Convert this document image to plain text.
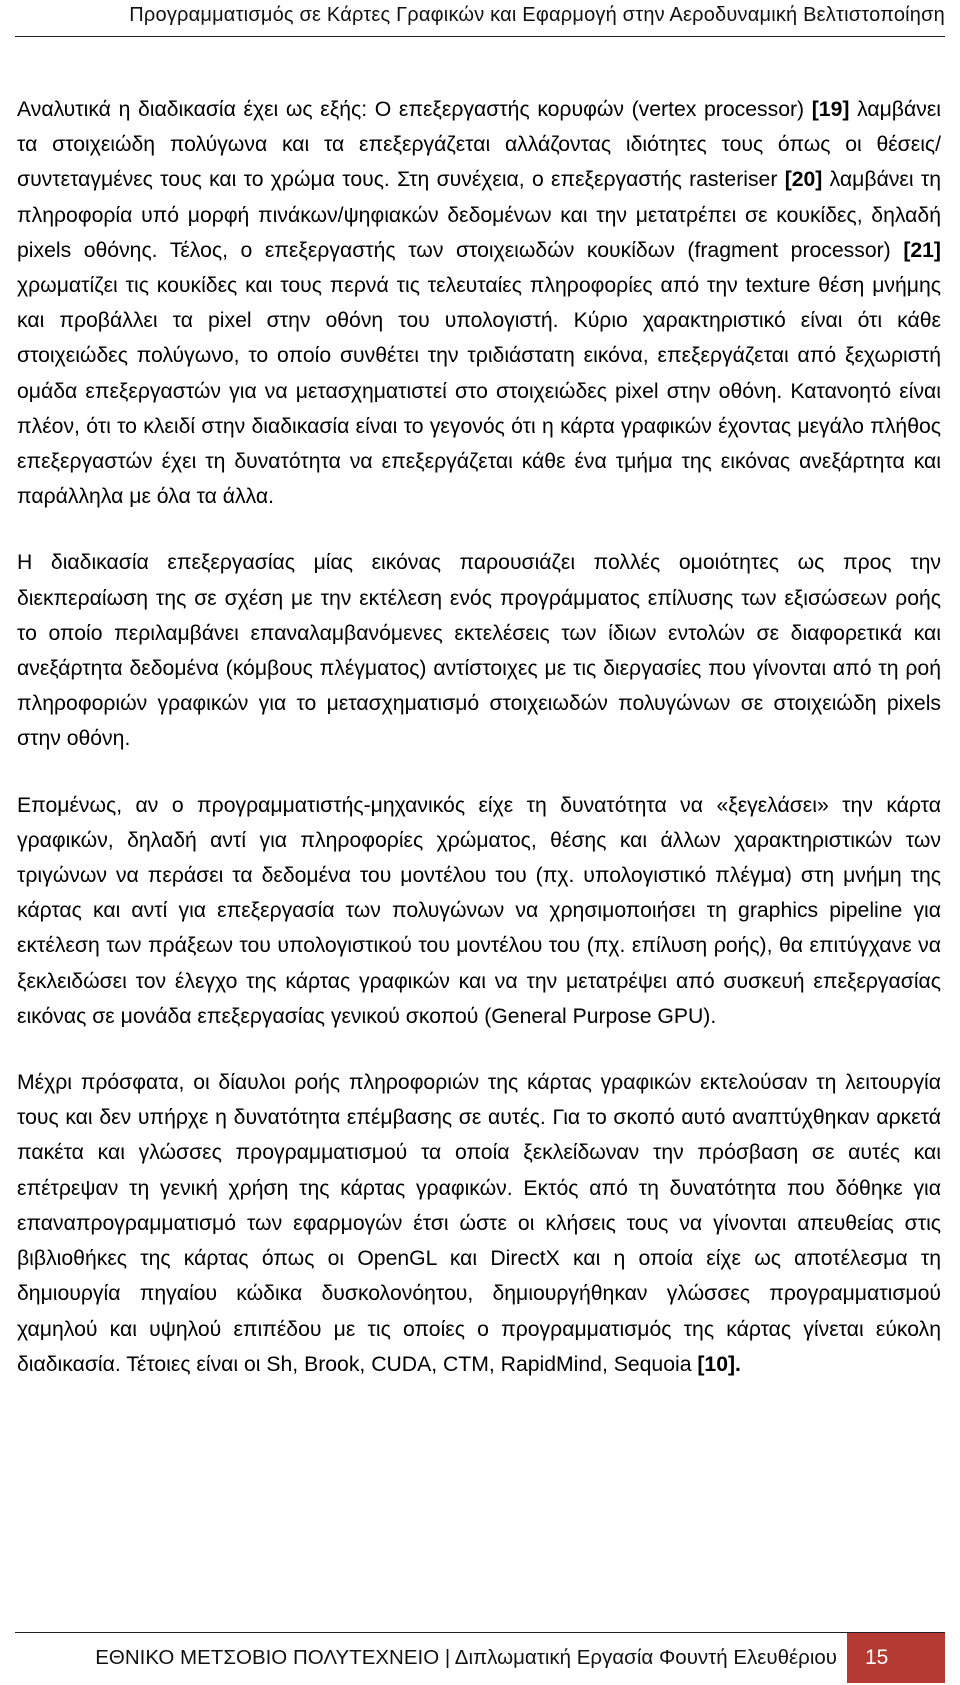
Προγραμματισμός σε Κάρτες Γραφικών και Εφαρμογή στην Αεροδυναμική Βελτιστοποίηση

Αναλυτικά η διαδικασία έχει ως εξής: Ο επεξεργαστής κορυφών (vertex processor) [19] λαμβάνει τα στοιχειώδη πολύγωνα και τα επεξεργάζεται αλλάζοντας ιδιότητες τους όπως οι θέσεις/συντεταγμένες τους και το χρώμα τους. Στη συνέχεια, ο επεξεργαστής rasteriser [20] λαμβάνει τη πληροφορία υπό μορφή πινάκων/ψηφιακών δεδομένων και την μετατρέπει σε κουκίδες, δηλαδή pixels οθόνης. Τέλος, ο επεξεργαστής των στοιχειωδών κουκίδων (fragment processor) [21] χρωματίζει τις κουκίδες και τους περνά τις τελευταίες πληροφορίες από την texture θέση μνήμης και προβάλλει τα pixel στην οθόνη του υπολογιστή. Κύριο χαρακτηριστικό είναι ότι κάθε στοιχειώδες πολύγωνο, το οποίο συνθέτει την τριδιάστατη εικόνα, επεξεργάζεται από ξεχωριστή ομάδα επεξεργαστών για να μετασχηματιστεί στο στοιχειώδες pixel στην οθόνη. Κατανοητό είναι πλέον, ότι το κλειδί στην διαδικασία είναι το γεγονός ότι η κάρτα γραφικών έχοντας μεγάλο πλήθος επεξεργαστών έχει τη δυνατότητα να επεξεργάζεται κάθε ένα τμήμα της εικόνας ανεξάρτητα και παράλληλα με όλα τα άλλα.

Η διαδικασία επεξεργασίας μίας εικόνας παρουσιάζει πολλές ομοιότητες ως προς την διεκπεραίωση της σε σχέση με την εκτέλεση ενός προγράμματος επίλυσης των εξισώσεων ροής το οποίο περιλαμβάνει επαναλαμβανόμενες εκτελέσεις των ίδιων εντολών σε διαφορετικά και ανεξάρτητα δεδομένα (κόμβους πλέγματος) αντίστοιχες με τις διεργασίες που γίνονται από τη ροή πληροφοριών γραφικών για το μετασχηματισμό στοιχειωδών πολυγώνων σε στοιχειώδη pixels στην οθόνη.

Επομένως, αν ο προγραμματιστής-μηχανικός είχε τη δυνατότητα να «ξεγελάσει» την κάρτα γραφικών, δηλαδή αντί για πληροφορίες χρώματος, θέσης και άλλων χαρακτηριστικών των τριγώνων να περάσει τα δεδομένα του μοντέλου του (πχ. υπολογιστικό πλέγμα) στη μνήμη της κάρτας και αντί για επεξεργασία των πολυγώνων να χρησιμοποιήσει τη graphics pipeline για εκτέλεση των πράξεων του υπολογιστικού του μοντέλου του (πχ. επίλυση ροής), θα επιτύγχανε να ξεκλειδώσει τον έλεγχο της κάρτας γραφικών και να την μετατρέψει από συσκευή επεξεργασίας εικόνας σε μονάδα επεξεργασίας γενικού σκοπού (General Purpose GPU).

Μέχρι πρόσφατα, οι δίαυλοι ροής πληροφοριών της κάρτας γραφικών εκτελούσαν τη λειτουργία τους και δεν υπήρχε η δυνατότητα επέμβασης σε αυτές. Για το σκοπό αυτό αναπτύχθηκαν αρκετά πακέτα και γλώσσες προγραμματισμού τα οποία ξεκλείδωναν την πρόσβαση σε αυτές και επέτρεψαν τη γενική χρήση της κάρτας γραφικών. Εκτός από τη δυνατότητα που δόθηκε για επαναπρογραμματισμό των εφαρμογών έτσι ώστε οι κλήσεις τους να γίνονται απευθείας στις βιβλιοθήκες της κάρτας όπως οι OpenGL και DirectX και η οποία είχε ως αποτέλεσμα τη δημιουργία πηγαίου κώδικα δυσκολονόητου, δημιουργήθηκαν γλώσσες προγραμματισμού χαμηλού και υψηλού επιπέδου με τις οποίες ο προγραμματισμός της κάρτας γίνεται εύκολη διαδικασία. Τέτοιες είναι οι Sh, Brook, CUDA, CTM, RapidMind, Sequoia [10].

ΕΘΝΙΚΟ ΜΕΤΣΟΒΙΟ ΠΟΛΥΤΕΧΝΕΙΟ | Διπλωματική Εργασία Φουντή Ελευθέριου	15
